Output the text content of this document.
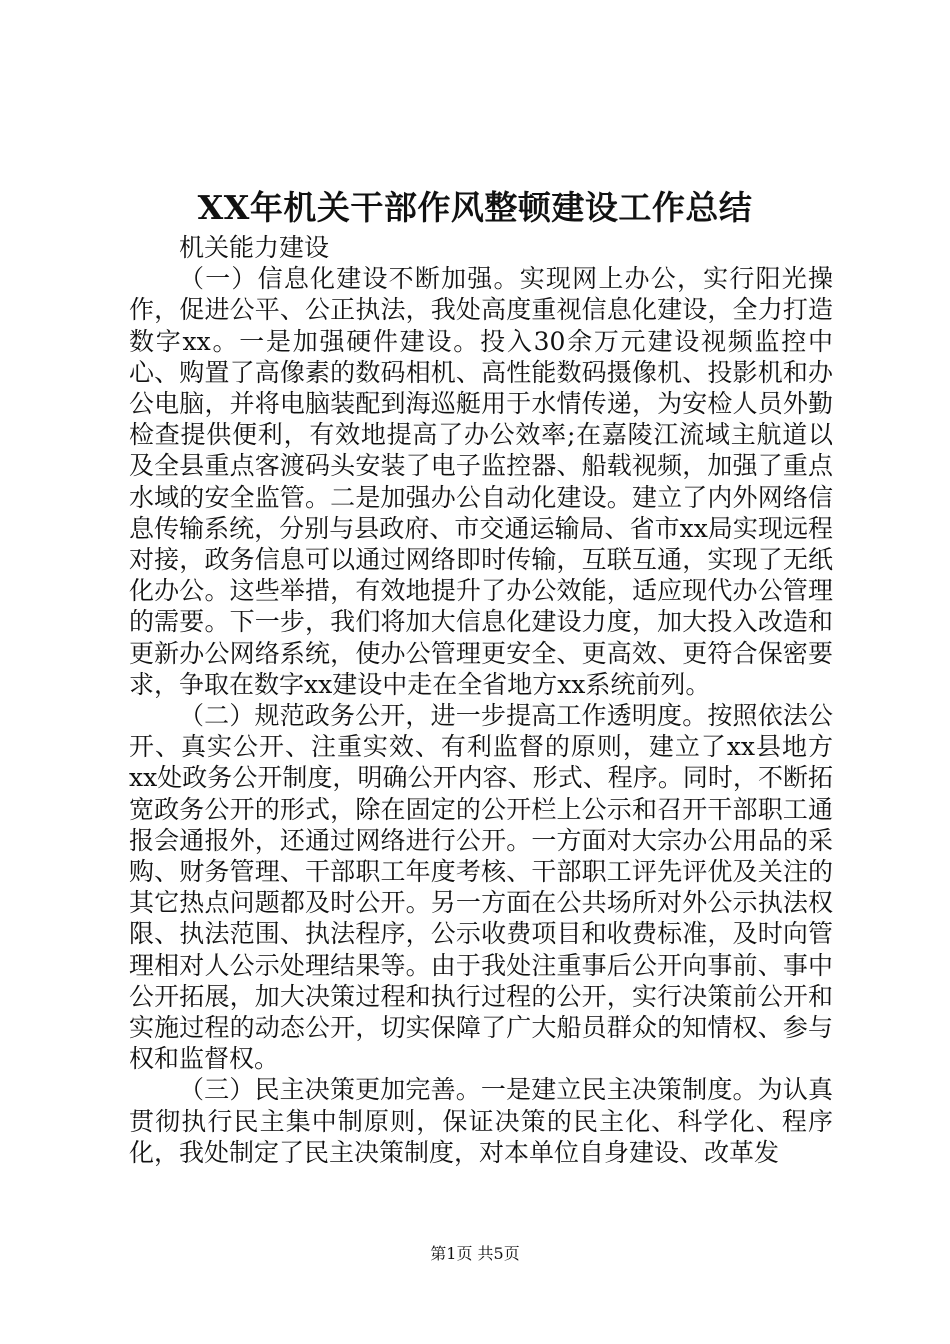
XX年机关干部作风整顿建设工作总结

机关能力建设

（一）信息化建设不断加强。实现网上办公，实行阳光操作，促进公平、公正执法，我处高度重视信息化建设，全力打造数字xx。一是加强硬件建设。投入30余万元建设视频监控中心、购置了高像素的数码相机、高性能数码摄像机、投影机和办公电脑，并将电脑装配到海巡艇用于水情传递，为安检人员外勤检查提供便利，有效地提高了办公效率;在嘉陵江流域主航道以及全县重点客渡码头安装了电子监控器、船载视频，加强了重点水域的安全监管。二是加强办公自动化建设。建立了内外网络信息传输系统，分别与县政府、市交通运输局、省市xx局实现远程对接，政务信息可以通过网络即时传输，互联互通，实现了无纸化办公。这些举措，有效地提升了办公效能，适应现代办公管理的需要。下一步，我们将加大信息化建设力度，加大投入改造和更新办公网络系统，使办公管理更安全、更高效、更符合保密要求，争取在数字xx建设中走在全省地方xx系统前列。

（二）规范政务公开，进一步提高工作透明度。按照依法公开、真实公开、注重实效、有利监督的原则，建立了xx县地方xx处政务公开制度，明确公开内容、形式、程序。同时，不断拓宽政务公开的形式，除在固定的公开栏上公示和召开干部职工通报会通报外，还通过网络进行公开。一方面对大宗办公用品的采购、财务管理、干部职工年度考核、干部职工评先评优及关注的其它热点问题都及时公开。另一方面在公共场所对外公示执法权限、执法范围、执法程序，公示收费项目和收费标准，及时向管理相对人公示处理结果等。由于我处注重事后公开向事前、事中公开拓展，加大决策过程和执行过程的公开，实行决策前公开和实施过程的动态公开，切实保障了广大船员群众的知情权、参与权和监督权。

（三）民主决策更加完善。一是建立民主决策制度。为认真贯彻执行民主集中制原则，保证决策的民主化、科学化、程序化，我处制定了民主决策制度，对本单位自身建设、改革发

第1页 共5页
